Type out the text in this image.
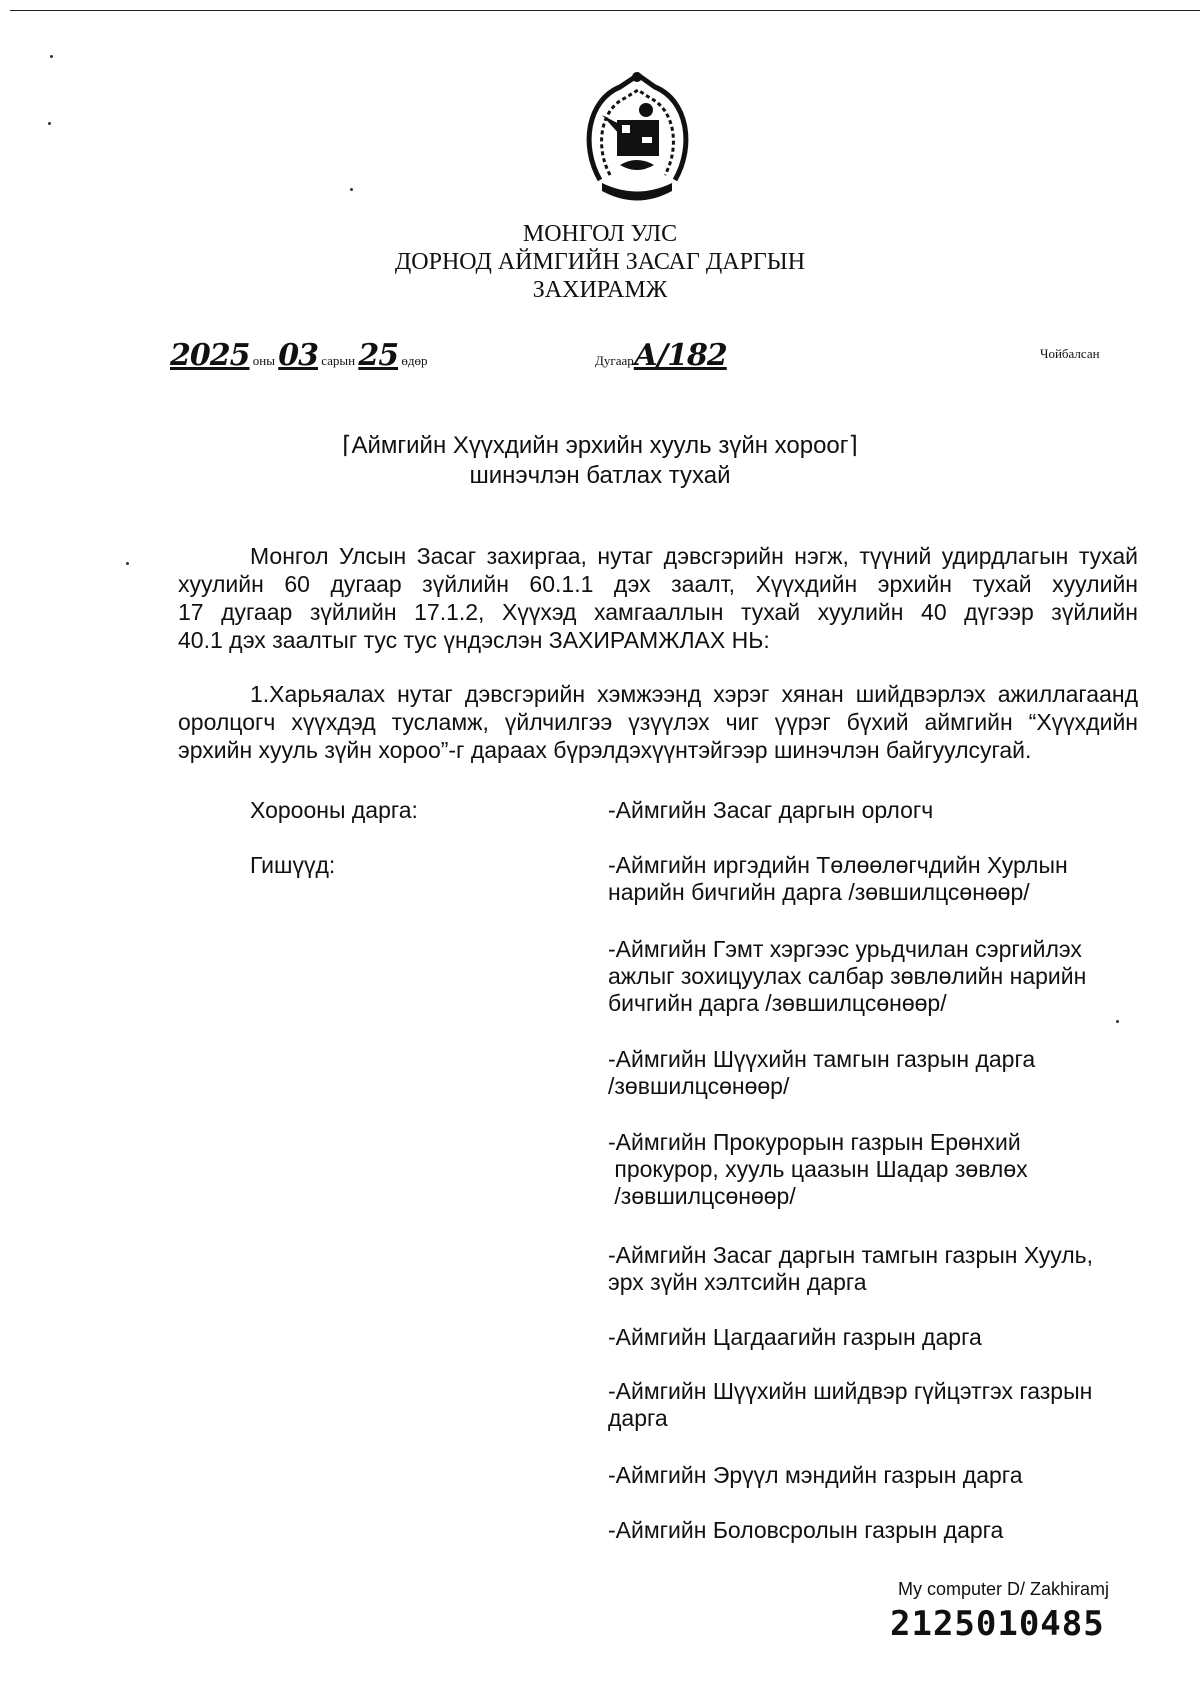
МОНГОЛ УЛС
ДОРНОД АЙМГИЙН ЗАСАГ ДАРГЫН
ЗАХИРАМЖ
2025 оны 03 сарын 25 өдөр	ДугаарА/182	Чойбалсан
⌈Аймгийн Хүүхдийн эрхийн хууль зүйн хороог⌉
шинэчлэн батлах тухай
Монгол Улсын Засаг захиргаа, нутаг дэвсгэрийн нэгж, түүний удирдлагын тухай
хуулийн 60 дугаар зүйлийн 60.1.1 дэх заалт, Хүүхдийн эрхийн тухай хуулийн
17 дугаар зүйлийн 17.1.2, Хүүхэд хамгааллын тухай хуулийн 40 дүгээр зүйлийн
40.1 дэх заалтыг тус тус үндэслэн ЗАХИРАМЖЛАХ НЬ:
1.Харьяалах нутаг дэвсгэрийн хэмжээнд хэрэг хянан шийдвэрлэх ажиллагаанд
оролцогч хүүхдэд тусламж, үйлчилгээ үзүүлэх чиг үүрэг бүхий аймгийн “Хүүхдийн
эрхийн хууль зүйн хороо”-г дараах бүрэлдэхүүнтэйгээр шинэчлэн байгуулсугай.
Хорооны дарга:
Гишүүд:
-Аймгийн Засаг даргын орлогч
-Аймгийн иргэдийн Төлөөлөгчдийн Хурлын
нарийн бичгийн дарга /зөвшилцсөнөөр/
-Аймгийн Гэмт хэргээс урьдчилан сэргийлэх
ажлыг зохицуулах салбар зөвлөлийн нарийн
бичгийн дарга /зөвшилцсөнөөр/
-Аймгийн Шүүхийн тамгын газрын дарга
/зөвшилцсөнөөр/
-Аймгийн Прокурорын газрын Ерөнхий
прокурор, хууль цаазын Шадар зөвлөх
/зөвшилцсөнөөр/
-Аймгийн Засаг даргын тамгын газрын Хууль,
эрх зүйн хэлтсийн дарга
-Аймгийн Цагдаагийн газрын дарга
-Аймгийн Шүүхийн шийдвэр гүйцэтгэх газрын
дарга
-Аймгийн Эрүүл мэндийн газрын дарга
-Аймгийн Боловсролын газрын дарга
My computer D/ Zakhiramj
2125010485
